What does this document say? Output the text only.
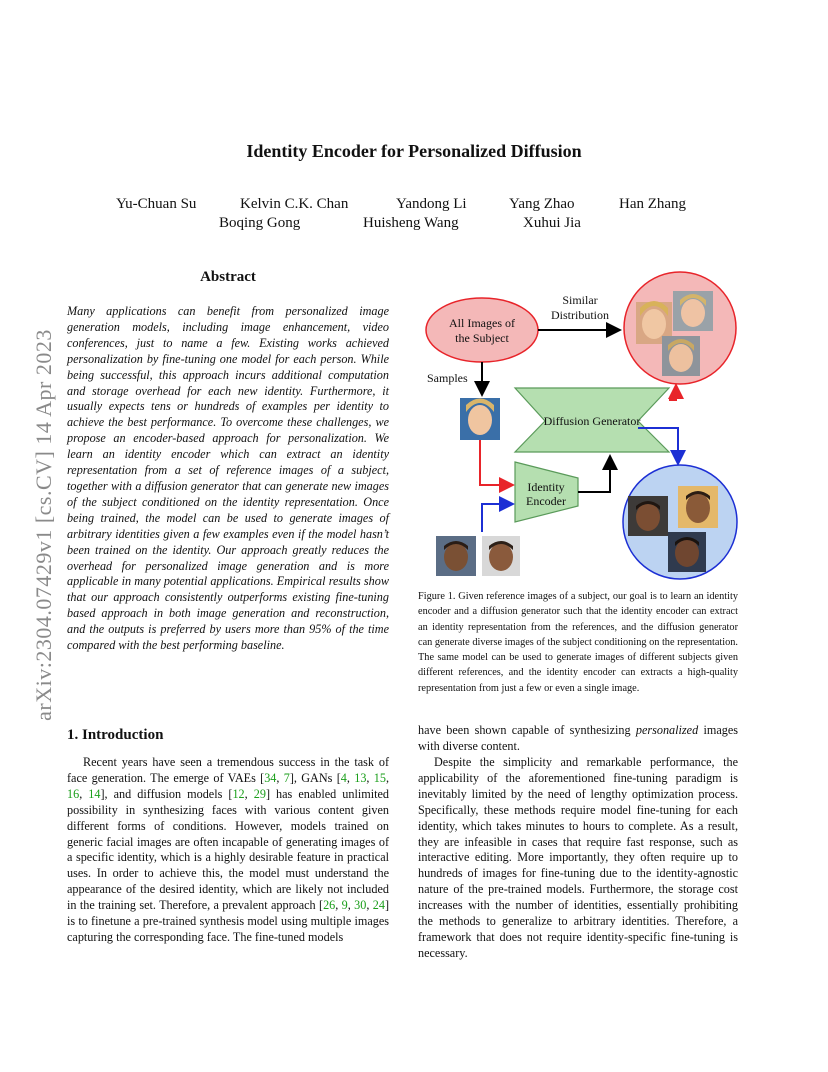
arXiv:2304.07429v1 [cs.CV] 14 Apr 2023
Identity Encoder for Personalized Diffusion
Yu-Chuan Su	Kelvin C.K. Chan	Yandong Li	Yang Zhao	Han Zhang
Boqing Gong	Huisheng Wang	Xuhui Jia
Abstract
Many applications can benefit from personalized image generation models, including image enhancement, video conferences, just to name a few. Existing works achieved personalization by fine-tuning one model for each person. While being successful, this approach incurs additional computation and storage overhead for each new identity. Furthermore, it usually expects tens or hundreds of examples per identity to achieve the best performance. To overcome these challenges, we propose an encoder-based approach for personalization. We learn an identity encoder which can extract an identity representation from a set of reference images of a subject, together with a diffusion generator that can generate new images of the subject conditioned on the identity representation. Once being trained, the model can be used to generate images of arbitrary identities given a few examples even if the model hasn’t been trained on the identity. Our approach greatly reduces the overhead for personalized image generation and is more applicable in many potential applications. Empirical results show that our approach consistently outperforms existing fine-tuning based approach in both image generation and reconstruction, and the outputs is preferred by users more than 95% of the time compared with the best performing baseline.
All Images of
the Subject
Similar
Distribution
Samples
Diffusion Generator
Identity
Encoder
Figure 1. Given reference images of a subject, our goal is to learn an identity encoder and a diffusion generator such that the identity encoder can extract an identity representation from the references, and the diffusion generator can generate diverse images of the subject conditioning on the representation. The same model can be used to generate images of different subjects given different references, and the identity encoder can extracts a high-quality representation from just a few or even a single image.
1. Introduction
Recent years have seen a tremendous success in the task of face generation. The emerge of VAEs [34, 7], GANs [4, 13, 15, 16, 14], and diffusion models [12, 29] has enabled unlimited possibility in synthesizing faces with various content given different forms of conditions. However, models trained on generic facial images are often incapable of generating images of a specific identity, which is a highly desirable feature in practical uses. In order to achieve this, the model must understand the appearance of the desired identity, which are likely not included in the training set. Therefore, a prevalent approach [26, 9, 30, 24] is to finetune a pre-trained synthesis model using multiple images capturing the corresponding face. The fine-tuned models
have been shown capable of synthesizing personalized images with diverse content.
Despite the simplicity and remarkable performance, the applicability of the aforementioned fine-tuning paradigm is inevitably limited by the need of lengthy optimization process. Specifically, these methods require model fine-tuning for each identity, which takes minutes to hours to complete. As a result, they are infeasible in cases that require fast response, such as interactive editing. More importantly, they often require up to hundreds of images for fine-tuning due to the identity-agnostic nature of the pre-trained models. Furthermore, the storage cost increases with the number of identities, essentially prohibiting the methods to generalize to arbitrary identities. Therefore, a framework that does not require identity-specific fine-tuning is necessary.
